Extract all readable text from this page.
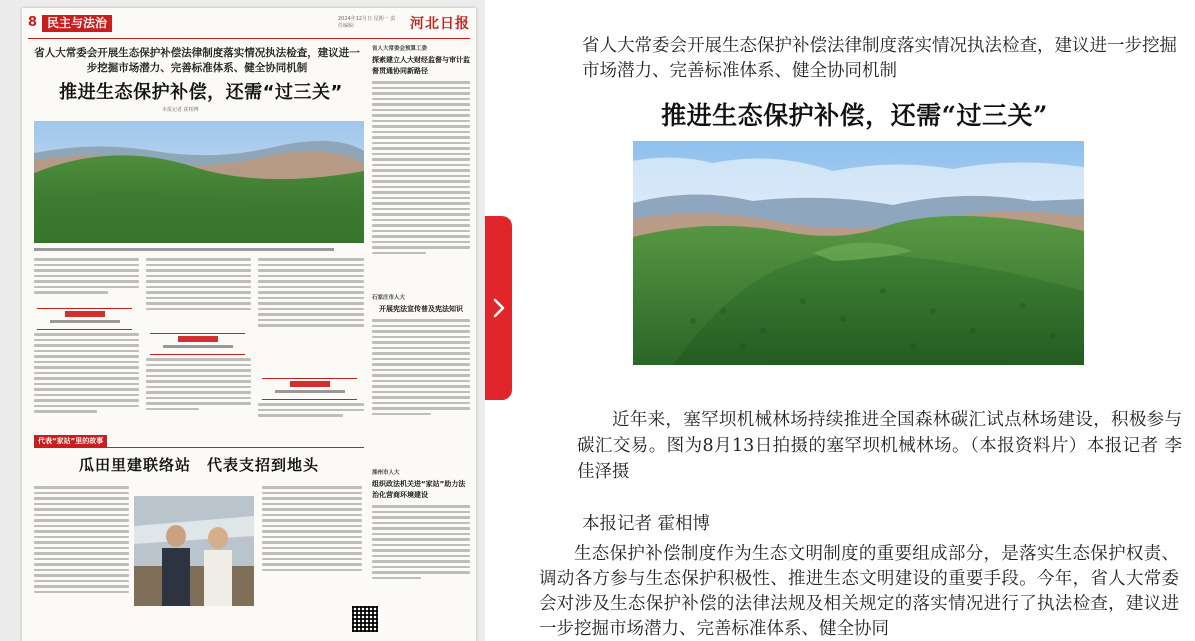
8 民主与法治	2024年12月日 星期一 责任编辑：	河北日报
省人大常委会开展生态保护补偿法律制度落实情况执法检查，建议进一步挖掘市场潜力、完善标准体系、健全协同机制
推进生态保护补偿，还需“过三关”
本报记者 霍相博
省人大常委会预算工委
探索建立人大财经监督与审计监督贯通协同新路径
石家庄市人大
开展宪法宣传普及宪法知识
滦州市人大
组织政法机关进“家站”助力法治化营商环境建设
代表“家站”里的故事
瓜田里建联络站　代表支招到地头
省人大常委会开展生态保护补偿法律制度落实情况执法检查，建议进一步挖掘市场潜力、完善标准体系、健全协同机制
推进生态保护补偿，还需“过三关”
近年来，塞罕坝机械林场持续推进全国森林碳汇试点林场建设，积极参与碳汇交易。图为8月13日拍摄的塞罕坝机械林场。（本报资料片）本报记者 李佳泽摄
本报记者 霍相博
生态保护补偿制度作为生态文明制度的重要组成部分，是落实生态保护权责、调动各方参与生态保护积极性、推进生态文明建设的重要手段。今年，省人大常委会对涉及生态保护补偿的法律法规及相关规定的落实情况进行了执法检查，建议进一步挖掘市场潜力、完善标准体系、健全协同
